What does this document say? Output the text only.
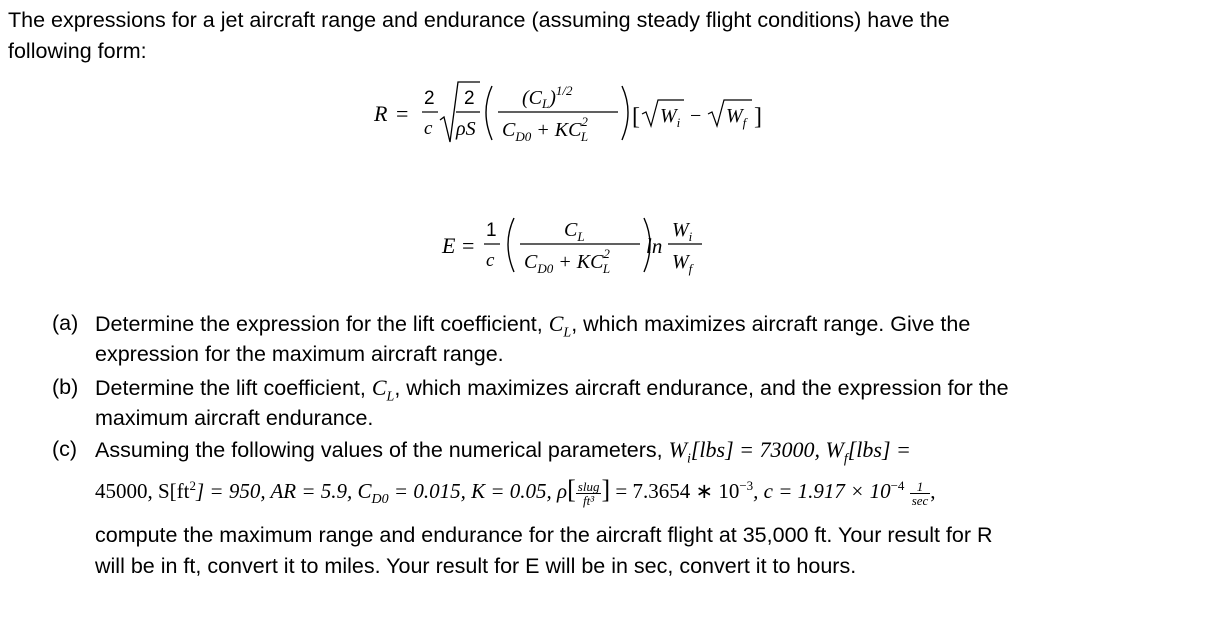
The expressions for a jet aircraft range and endurance (assuming steady flight conditions) have the
following form:
R =
2
c
2
ρS
$(C_L)^{1/2}$
$C_{D0} + KC^2$ L
[ $W_i - W_f$ ]
E =
1
c
$C_L$
$C_{D0} + KC^2$ L
ln
$W_i$
$W_f$
(a) Determine the expression for the lift coefficient, $C_L$, which maximizes aircraft range. Give the
expression for the maximum aircraft range.
(b) Determine the lift coefficient, $C_L$, which maximizes aircraft endurance, and the expression for the
maximum aircraft endurance.
(c) Assuming the following values of the numerical parameters, $W_i[lbs] = 73000$, $W_f[lbs]$ =
45000, $S[ft^2] = 950$, AR = 5.9, $C_{D0} = 0.015$, K = 0.05, $\rho[ \frac{\text{slug}}{\text{ft³}}$ ] = 7.3654 ∗ $10^{-3}$, $c = 1.917 \times 10^{-4} \frac{1}{\sec}$ ,
compute the maximum range and endurance for the aircraft flight at 35,000 ft. Your result for R
will be in ft, convert it to miles. Your result for E will be in sec, convert it to hours.
